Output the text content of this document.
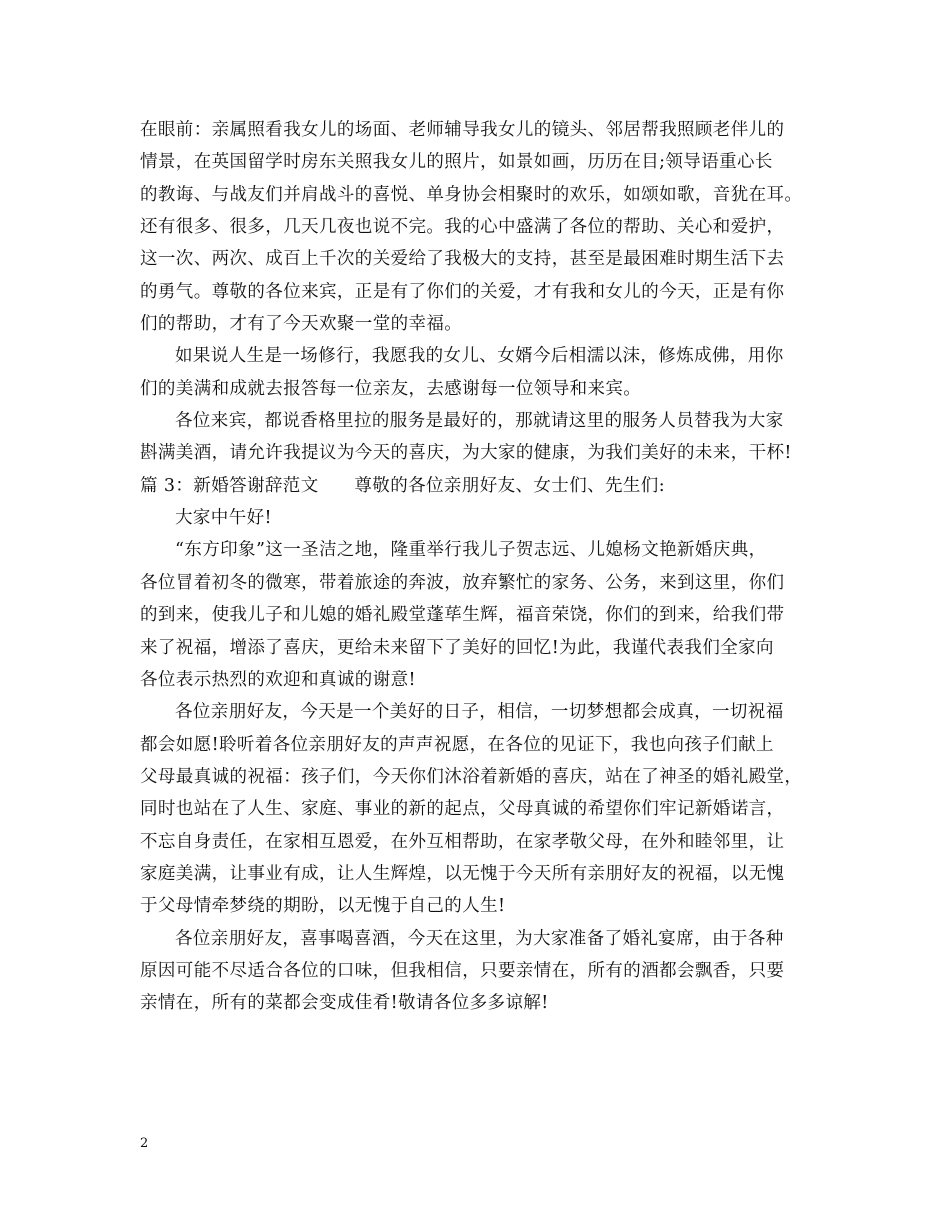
在眼前：亲属照看我女儿的场面、老师辅导我女儿的镜头、邻居帮我照顾老伴儿的
情景，在英国留学时房东关照我女儿的照片，如景如画，历历在目;领导语重心长
的教诲、与战友们并肩战斗的喜悦、单身协会相聚时的欢乐，如颂如歌，音犹在耳。
还有很多、很多，几天几夜也说不完。我的心中盛满了各位的帮助、关心和爱护，
这一次、两次、成百上千次的关爱给了我极大的支持，甚至是最困难时期生活下去
的勇气。尊敬的各位来宾，正是有了你们的关爱，才有我和女儿的今天，正是有你
们的帮助，才有了今天欢聚一堂的幸福。
如果说人生是一场修行，我愿我的女儿、女婿今后相濡以沫，修炼成佛，用你
们的美满和成就去报答每一位亲友，去感谢每一位领导和来宾。
各位来宾，都说香格里拉的服务是最好的，那就请这里的服务人员替我为大家
斟满美酒，请允许我提议为今天的喜庆，为大家的健康，为我们美好的未来，干杯!
篇 3：新婚答谢辞范文　　尊敬的各位亲朋好友、女士们、先生们:
大家中午好!
“东方印象”这一圣洁之地，隆重举行我儿子贺志远、儿媳杨文艳新婚庆典，
各位冒着初冬的微寒，带着旅途的奔波，放弃繁忙的家务、公务，来到这里，你们
的到来，使我儿子和儿媳的婚礼殿堂蓬荜生辉，福音荣饶，你们的到来，给我们带
来了祝福，增添了喜庆，更给未来留下了美好的回忆!为此，我谨代表我们全家向
各位表示热烈的欢迎和真诚的谢意!
各位亲朋好友，今天是一个美好的日子，相信，一切梦想都会成真，一切祝福
都会如愿!聆听着各位亲朋好友的声声祝愿，在各位的见证下，我也向孩子们献上
父母最真诚的祝福：孩子们，今天你们沐浴着新婚的喜庆，站在了神圣的婚礼殿堂，
同时也站在了人生、家庭、事业的新的起点，父母真诚的希望你们牢记新婚诺言，
不忘自身责任，在家相互恩爱，在外互相帮助，在家孝敬父母，在外和睦邻里，让
家庭美满，让事业有成，让人生辉煌，以无愧于今天所有亲朋好友的祝福，以无愧
于父母情牵梦绕的期盼，以无愧于自己的人生!
各位亲朋好友，喜事喝喜酒，今天在这里，为大家准备了婚礼宴席，由于各种
原因可能不尽适合各位的口味，但我相信，只要亲情在，所有的酒都会飘香，只要
亲情在，所有的菜都会变成佳肴!敬请各位多多谅解!
2
